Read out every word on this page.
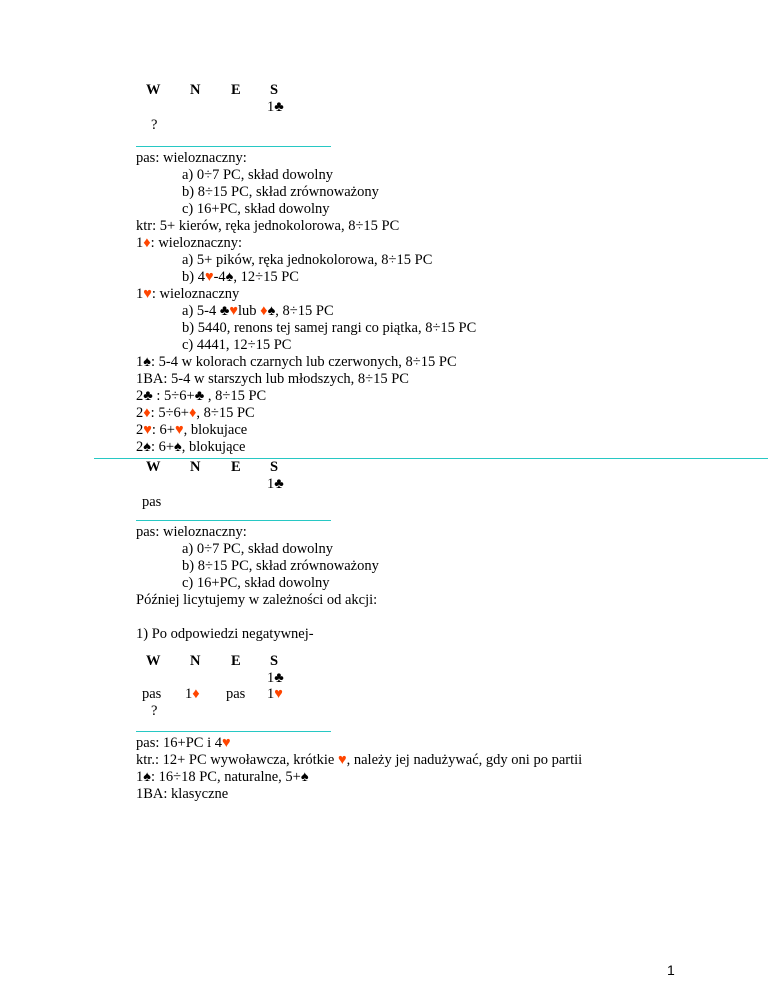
W N E S
1♣
?
pas: wieloznaczny:
a) 0÷7 PC, skład dowolny
b) 8÷15 PC, skład zrównoważony
c) 16+PC, skład dowolny
ktr: 5+ kierów, ręka jednokolorowa, 8÷15 PC
1♦: wieloznaczny:
a) 5+ pików, ręka jednokolorowa, 8÷15 PC
b) 4♥-4♠, 12÷15 PC
1♥: wieloznaczny
a) 5-4 ♣♥lub ♦♠, 8÷15 PC
b) 5440, renons tej samej rangi co piątka, 8÷15 PC
c) 4441, 12÷15 PC
1♠: 5-4 w kolorach czarnych lub czerwonych, 8÷15 PC
1BA: 5-4 w starszych lub młodszych, 8÷15 PC
2♣ : 5÷6+♣ , 8÷15 PC
2♦: 5÷6+♦, 8÷15 PC
2♥: 6+♥, blokujace
2♠: 6+♠, blokujące
W N E S
1♣
pas
pas: wieloznaczny:
a) 0÷7 PC, skład dowolny
b) 8÷15 PC, skład zrównoważony
c) 16+PC, skład dowolny
Później licytujemy w zależności od akcji:
1) Po odpowiedzi negatywnej-
W N E S
1♣
pas 1♦ pas 1♥
?
pas: 16+PC i 4♥
ktr.: 12+ PC wywoławcza, krótkie ♥, należy jej nadużywać, gdy oni po partii
1♠: 16÷18 PC, naturalne, 5+♠
1BA: klasyczne
1
